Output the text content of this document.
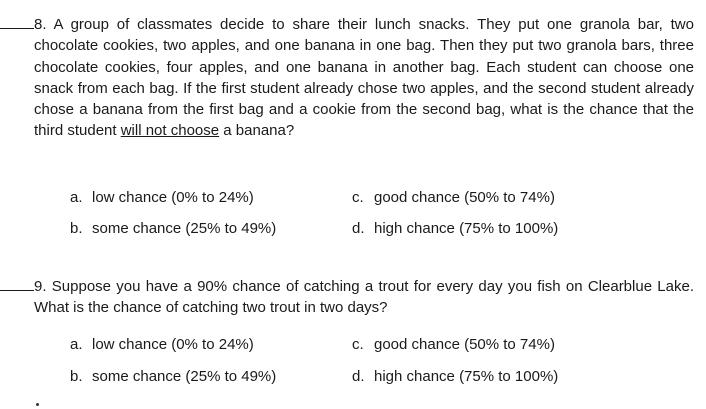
8. A group of classmates decide to share their lunch snacks. They put one granola bar, two chocolate cookies, two apples, and one banana in one bag. Then they put two granola bars, three chocolate cookies, four apples, and one banana in another bag. Each student can choose one snack from each bag. If the first student already chose two apples, and the second student already chose a banana from the first bag and a cookie from the second bag, what is the chance that the third student will not choose a banana?
a. low chance (0% to 24%)
b. some chance (25% to 49%)
c. good chance (50% to 74%)
d. high chance (75% to 100%)
9. Suppose you have a 90% chance of catching a trout for every day you fish on Clearblue Lake. What is the chance of catching two trout in two days?
a. low chance (0% to 24%)
b. some chance (25% to 49%)
c. good chance (50% to 74%)
d. high chance (75% to 100%)
